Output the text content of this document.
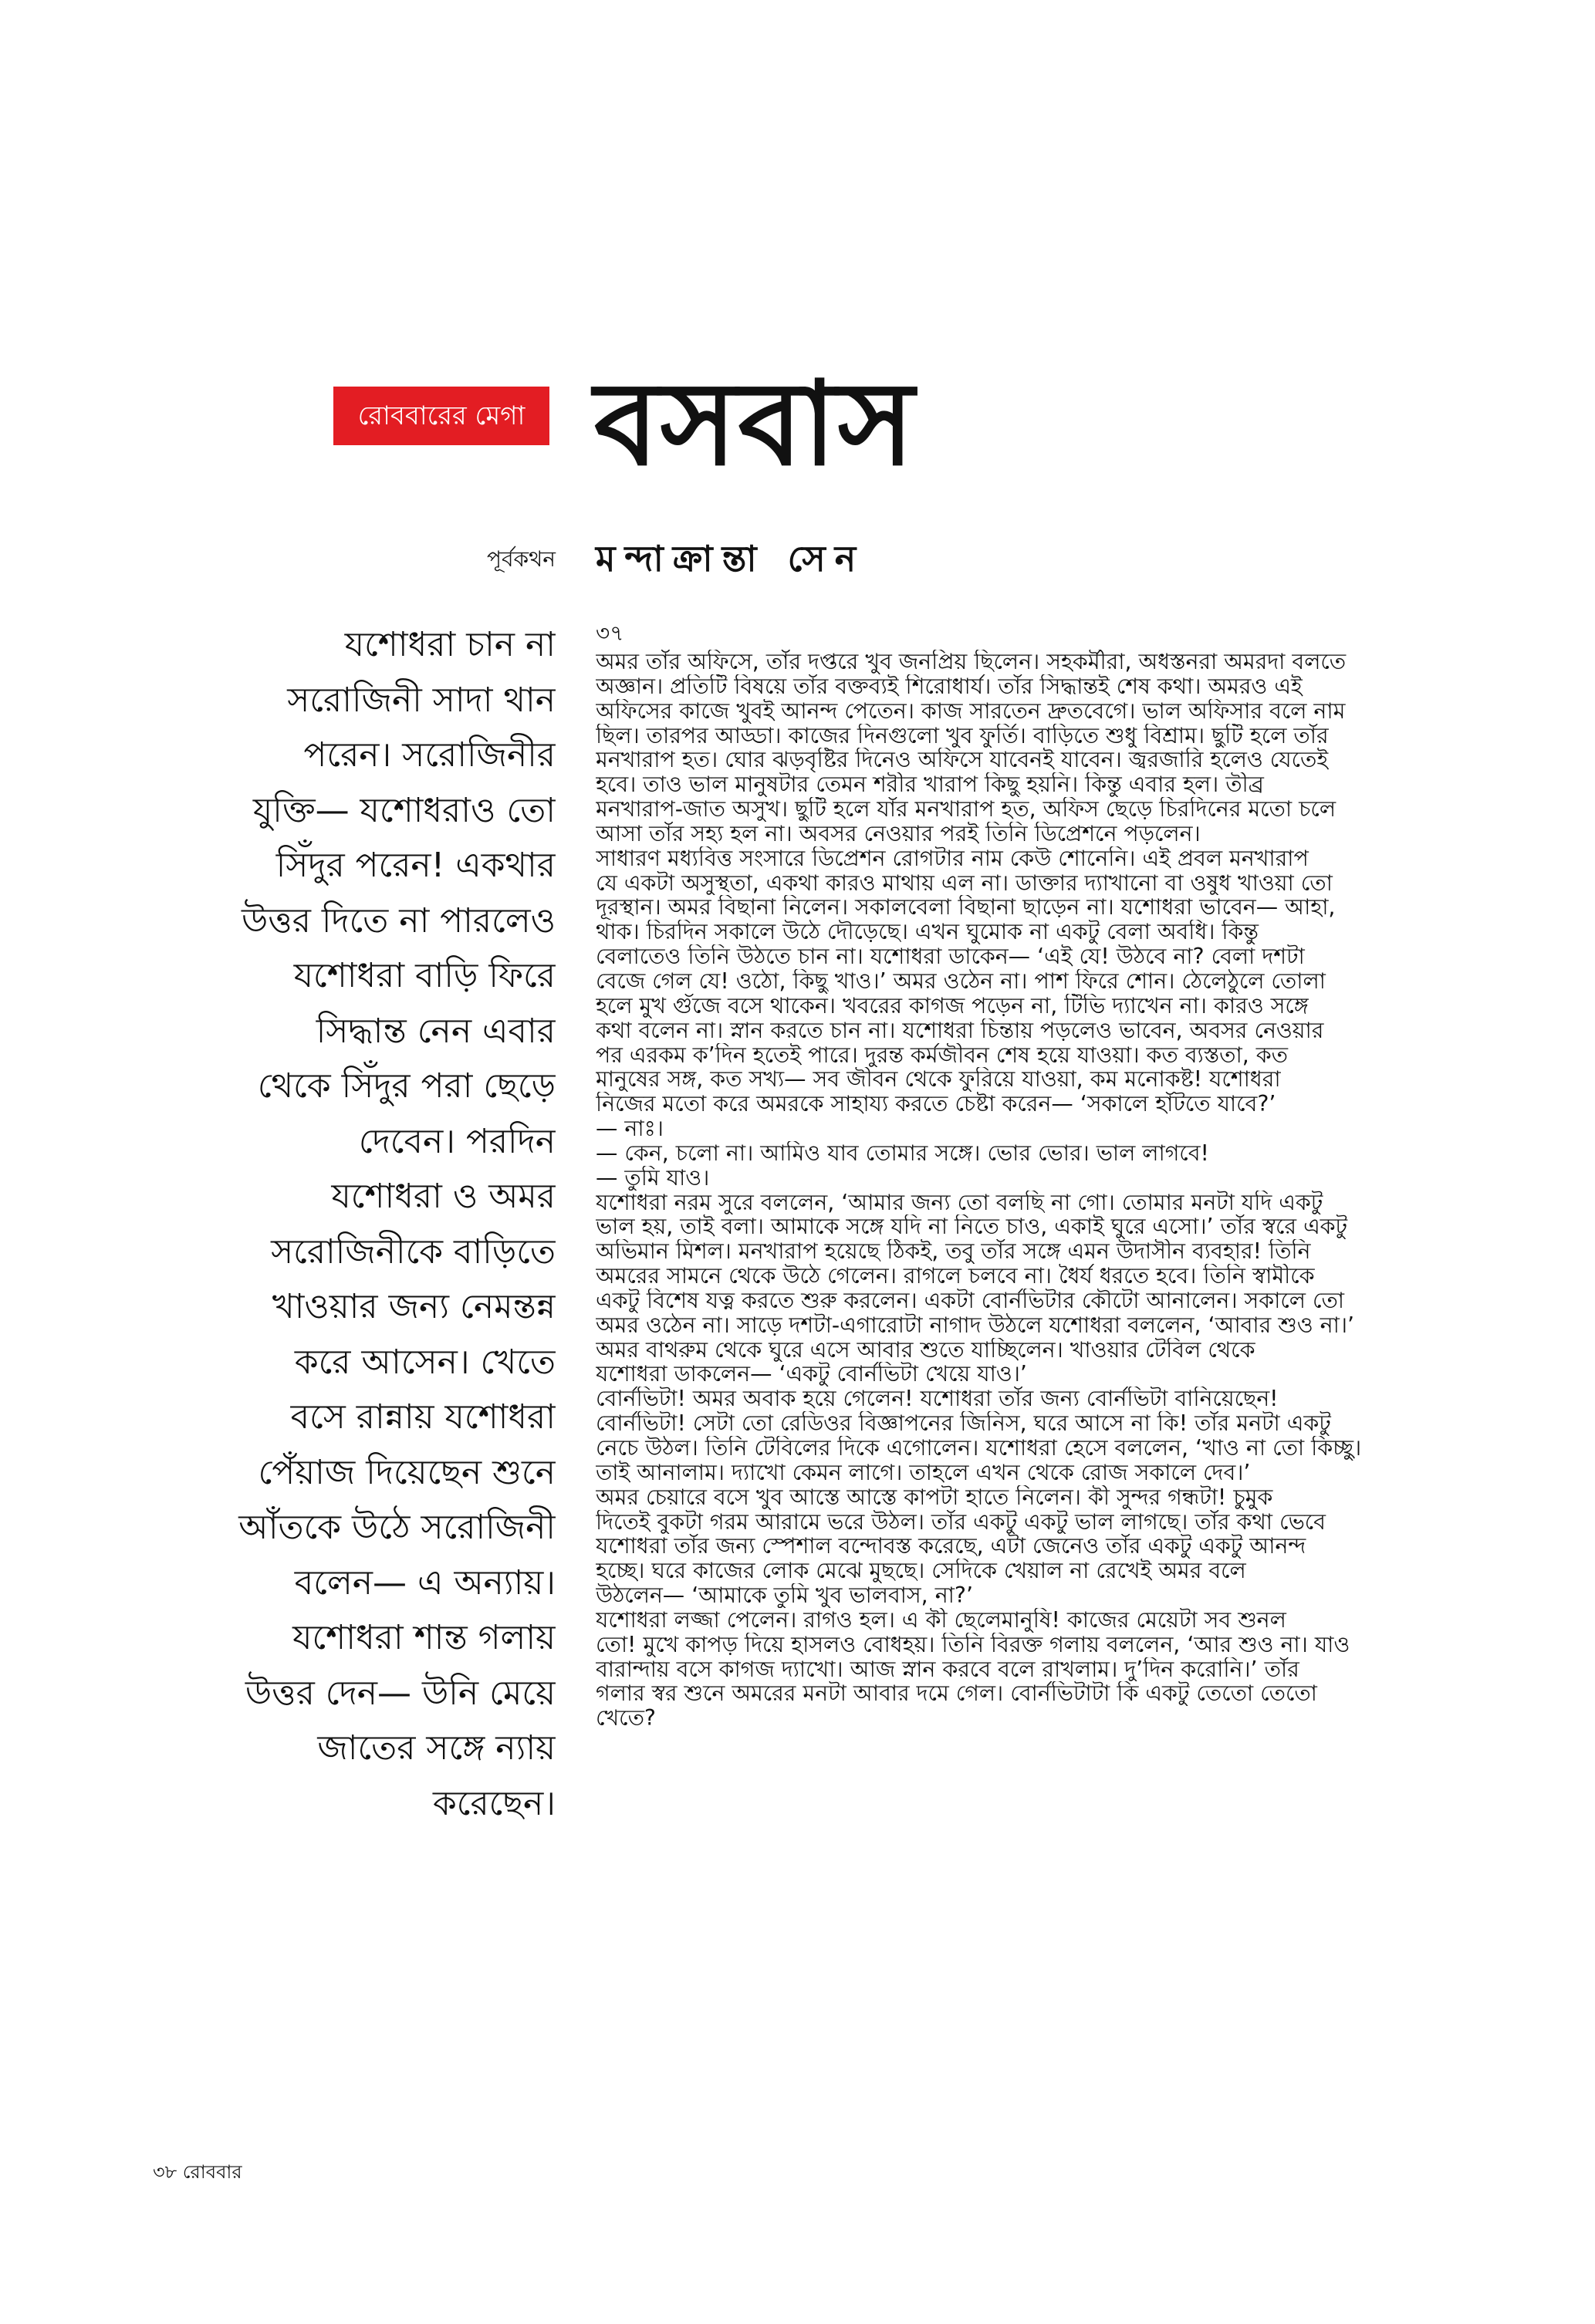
রোববারের মেগা বসবাস
পূর্বকথন মন্দাক্রান্তা সেন
যশোধরা চান না
সরোজিনী সাদা থান
পরেন। সরোজিনীর
যুক্তি— যশোধরাও তো
সিঁদুর পরেন! একথার
উত্তর দিতে না পারলেও
যশোধরা বাড়ি ফিরে
সিদ্ধান্ত নেন এবার
থেকে সিঁদুর পরা ছেড়ে
দেবেন। পরদিন
যশোধরা ও অমর
সরোজিনীকে বাড়িতে
খাওয়ার জন্য নেমন্তন্ন
করে আসেন। খেতে
বসে রান্নায় যশোধরা
পেঁয়াজ দিয়েছেন শুনে
আঁতকে উঠে সরোজিনী
বলেন— এ অন্যায়।
যশোধরা শান্ত গলায়
উত্তর দেন— উনি মেয়ে
জাতের সঙ্গে ন্যায়
করেছেন।
৩৭
অমর তাঁর অফিসে, তাঁর দপ্তরে খুব জনপ্রিয় ছিলেন। সহকর্মীরা, অধস্তনরা অমরদা বলতে
অজ্ঞান। প্রতিটি বিষয়ে তাঁর বক্তব্যই শিরোধার্য। তাঁর সিদ্ধান্তই শেষ কথা। অমরও এই
অফিসের কাজে খুবই আনন্দ পেতেন। কাজ সারতেন দ্রুতবেগে। ভাল অফিসার বলে নাম
ছিল। তারপর আড্ডা। কাজের দিনগুলো খুব ফুর্তি। বাড়িতে শুধু বিশ্রাম। ছুটি হলে তাঁর
মনখারাপ হত। ঘোর ঝড়বৃষ্টির দিনেও অফিসে যাবেনই যাবেন। জ্বরজারি হলেও যেতেই
হবে। তাও ভাল মানুষটার তেমন শরীর খারাপ কিছু হয়নি। কিন্তু এবার হল। তীব্র
মনখারাপ-জাত অসুখ। ছুটি হলে যাঁর মনখারাপ হত, অফিস ছেড়ে চিরদিনের মতো চলে
আসা তাঁর সহ্য হল না। অবসর নেওয়ার পরই তিনি ডিপ্রেশনে পড়লেন।
সাধারণ মধ্যবিত্ত সংসারে ডিপ্রেশন রোগটার নাম কেউ শোনেনি। এই প্রবল মনখারাপ
যে একটা অসুস্থতা, একথা কারও মাথায় এল না। ডাক্তার দ্যাখানো বা ওষুধ খাওয়া তো
দূরস্থান। অমর বিছানা নিলেন। সকালবেলা বিছানা ছাড়েন না। যশোধরা ভাবেন— আহা,
থাক। চিরদিন সকালে উঠে দৌড়েছে। এখন ঘুমোক না একটু বেলা অবধি। কিন্তু
বেলাতেও তিনি উঠতে চান না। যশোধরা ডাকেন— ‘এই যে! উঠবে না? বেলা দশটা
বেজে গেল যে! ওঠো, কিছু খাও।’ অমর ওঠেন না। পাশ ফিরে শোন। ঠেলেঠুলে তোলা
হলে মুখ গুঁজে বসে থাকেন। খবরের কাগজ পড়েন না, টিভি দ্যাখেন না। কারও সঙ্গে
কথা বলেন না। স্নান করতে চান না। যশোধরা চিন্তায় পড়লেও ভাবেন, অবসর নেওয়ার
পর এরকম ক’দিন হতেই পারে। দুরন্ত কর্মজীবন শেষ হয়ে যাওয়া। কত ব্যস্ততা, কত
মানুষের সঙ্গ, কত সখ্য— সব জীবন থেকে ফুরিয়ে যাওয়া, কম মনোকষ্ট! যশোধরা
নিজের মতো করে অমরকে সাহায্য করতে চেষ্টা করেন— ‘সকালে হাঁটতে যাবে?’
— নাঃ।
— কেন, চলো না। আমিও যাব তোমার সঙ্গে। ভোর ভোর। ভাল লাগবে!
— তুমি যাও।
যশোধরা নরম সুরে বললেন, ‘আমার জন্য তো বলছি না গো। তোমার মনটা যদি একটু
ভাল হয়, তাই বলা। আমাকে সঙ্গে যদি না নিতে চাও, একাই ঘুরে এসো।’ তাঁর স্বরে একটু
অভিমান মিশল। মনখারাপ হয়েছে ঠিকই, তবু তাঁর সঙ্গে এমন উদাসীন ব্যবহার! তিনি
অমরের সামনে থেকে উঠে গেলেন। রাগলে চলবে না। ধৈর্য ধরতে হবে। তিনি স্বামীকে
একটু বিশেষ যত্ন করতে শুরু করলেন। একটা বোর্নভিটার কৌটো আনালেন। সকালে তো
অমর ওঠেন না। সাড়ে দশটা-এগারোটা নাগাদ উঠলে যশোধরা বললেন, ‘আবার শুও না।’
অমর বাথরুম থেকে ঘুরে এসে আবার শুতে যাচ্ছিলেন। খাওয়ার টেবিল থেকে
যশোধরা ডাকলেন— ‘একটু বোর্নভিটা খেয়ে যাও।’
বোর্নভিটা! অমর অবাক হয়ে গেলেন! যশোধরা তাঁর জন্য বোর্নভিটা বানিয়েছেন!
বোর্নভিটা! সেটা তো রেডিওর বিজ্ঞাপনের জিনিস, ঘরে আসে না কি! তাঁর মনটা একটু
নেচে উঠল। তিনি টেবিলের দিকে এগোলেন। যশোধরা হেসে বললেন, ‘খাও না তো কিচ্ছু।
তাই আনালাম। দ্যাখো কেমন লাগে। তাহলে এখন থেকে রোজ সকালে দেব।’
অমর চেয়ারে বসে খুব আস্তে আস্তে কাপটা হাতে নিলেন। কী সুন্দর গন্ধটা! চুমুক
দিতেই বুকটা গরম আরামে ভরে উঠল। তাঁর একটু একটু ভাল লাগছে। তাঁর কথা ভেবে
যশোধরা তাঁর জন্য স্পেশাল বন্দোবস্ত করেছে, এটা জেনেও তাঁর একটু একটু আনন্দ
হচ্ছে। ঘরে কাজের লোক মেঝে মুছছে। সেদিকে খেয়াল না রেখেই অমর বলে
উঠলেন— ‘আমাকে তুমি খুব ভালবাস, না?’
যশোধরা লজ্জা পেলেন। রাগও হল। এ কী ছেলেমানুষি! কাজের মেয়েটা সব শুনল
তো! মুখে কাপড় দিয়ে হাসলও বোধহয়। তিনি বিরক্ত গলায় বললেন, ‘আর শুও না। যাও
বারান্দায় বসে কাগজ দ্যাখো। আজ স্নান করবে বলে রাখলাম। দু’দিন করোনি।’ তাঁর
গলার স্বর শুনে অমরের মনটা আবার দমে গেল। বোর্নভিটাটা কি একটু তেতো তেতো
খেতে?
৩৮ রোববার
